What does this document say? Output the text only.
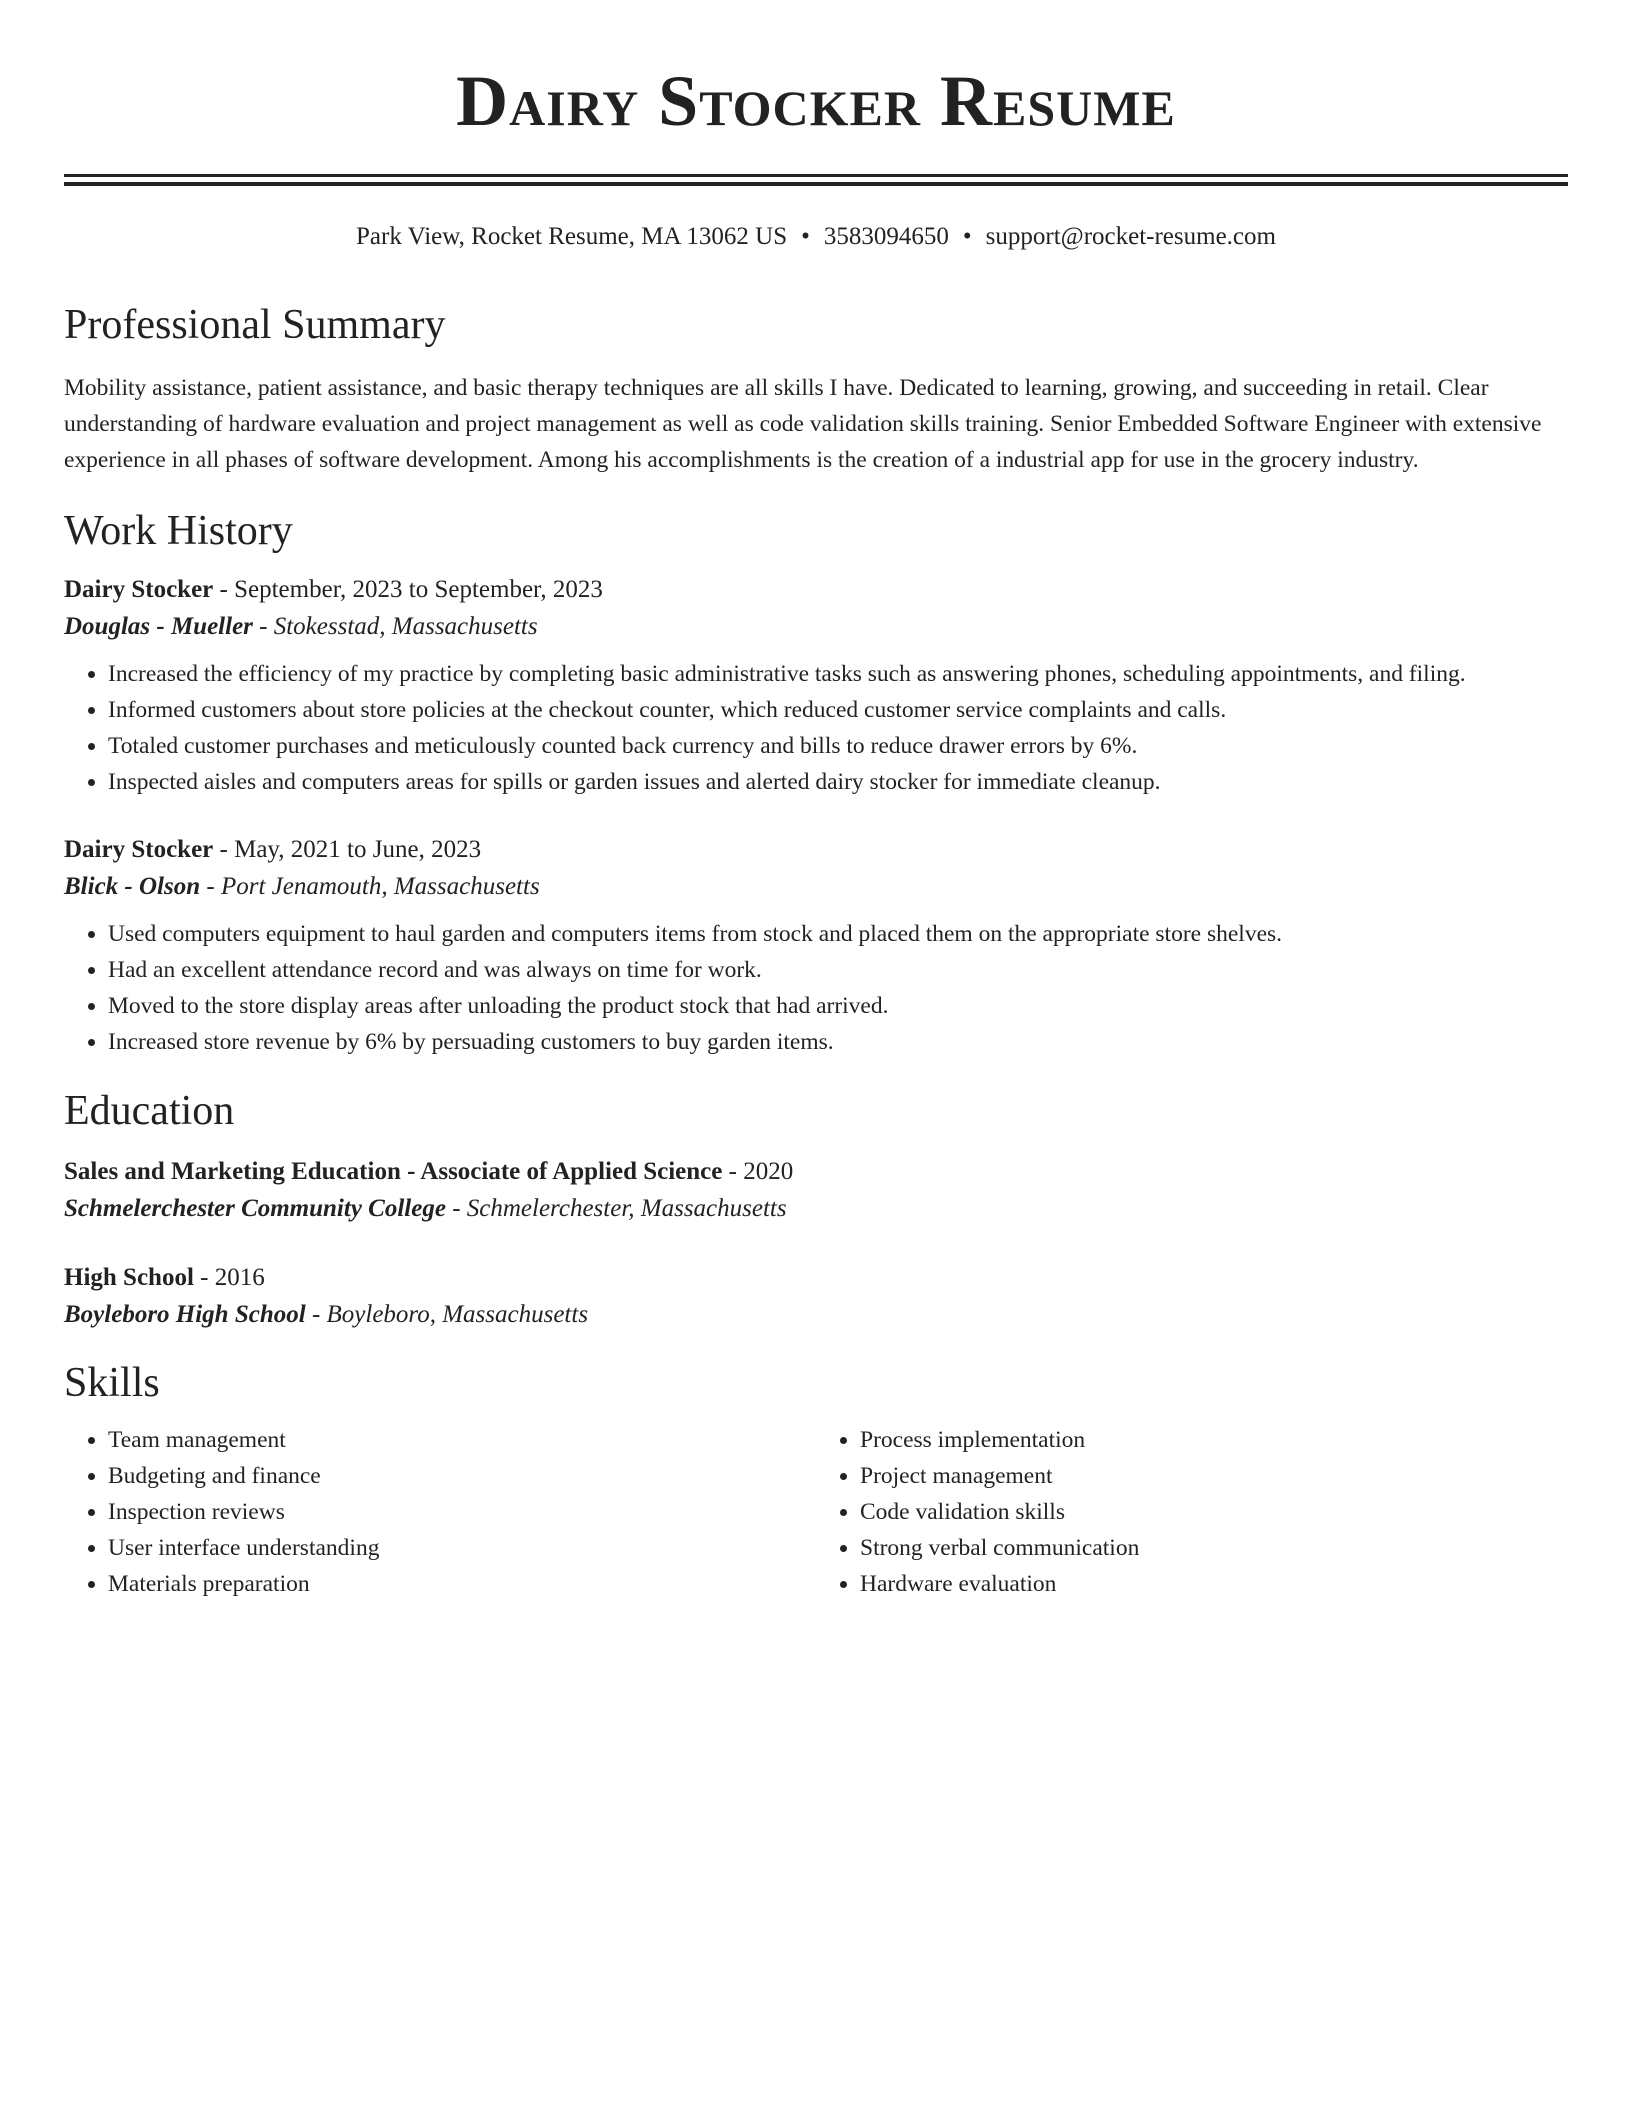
Dairy Stocker Resume
Park View, Rocket Resume, MA 13062 US • 3583094650 • support@rocket-resume.com
Professional Summary
Mobility assistance, patient assistance, and basic therapy techniques are all skills I have. Dedicated to learning, growing, and succeeding in retail. Clear understanding of hardware evaluation and project management as well as code validation skills training. Senior Embedded Software Engineer with extensive experience in all phases of software development. Among his accomplishments is the creation of a industrial app for use in the grocery industry.
Work History
Dairy Stocker - September, 2023 to September, 2023
Douglas - Mueller - Stokesstad, Massachusetts
• Increased the efficiency of my practice by completing basic administrative tasks such as answering phones, scheduling appointments, and filing.
• Informed customers about store policies at the checkout counter, which reduced customer service complaints and calls.
• Totaled customer purchases and meticulously counted back currency and bills to reduce drawer errors by 6%.
• Inspected aisles and computers areas for spills or garden issues and alerted dairy stocker for immediate cleanup.
Dairy Stocker - May, 2021 to June, 2023
Blick - Olson - Port Jenamouth, Massachusetts
• Used computers equipment to haul garden and computers items from stock and placed them on the appropriate store shelves.
• Had an excellent attendance record and was always on time for work.
• Moved to the store display areas after unloading the product stock that had arrived.
• Increased store revenue by 6% by persuading customers to buy garden items.
Education
Sales and Marketing Education - Associate of Applied Science - 2020
Schmelerchester Community College - Schmelerchester, Massachusetts
High School - 2016
Boyleboro High School - Boyleboro, Massachusetts
Skills
• Team management
• Budgeting and finance
• Inspection reviews
• User interface understanding
• Materials preparation
• Process implementation
• Project management
• Code validation skills
• Strong verbal communication
• Hardware evaluation
